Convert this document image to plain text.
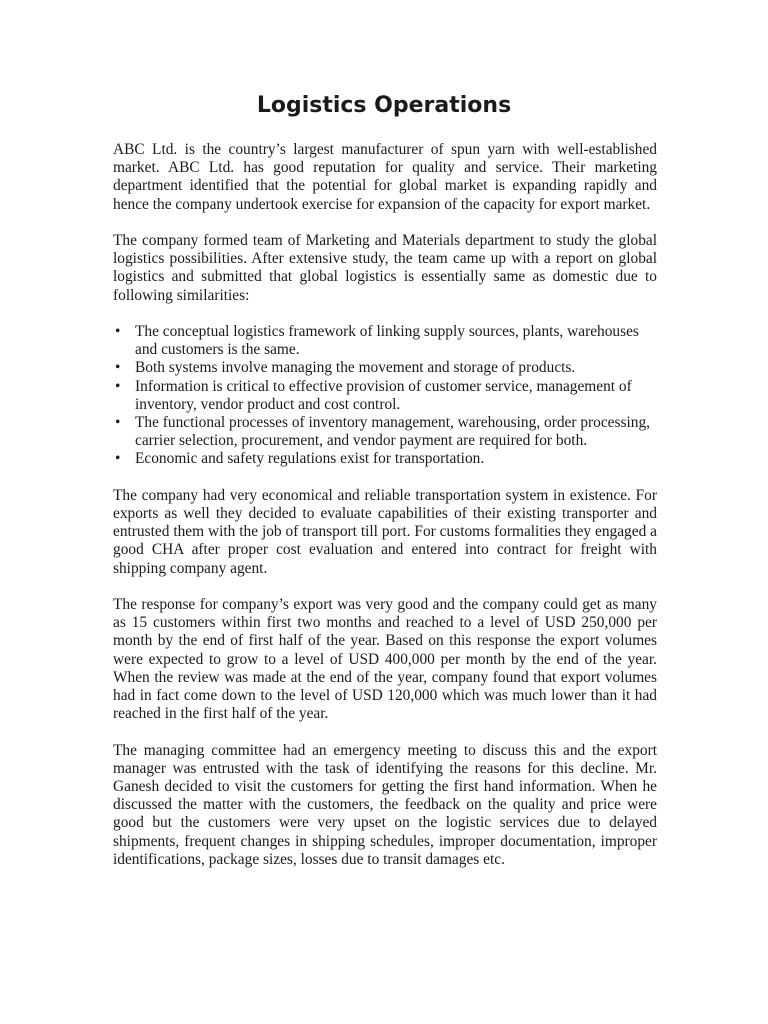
Logistics Operations

ABC Ltd. is the country’s largest manufacturer of spun yarn with well-established market. ABC Ltd. has good reputation for quality and service. Their marketing department identified that the potential for global market is expanding rapidly and hence the company undertook exercise for expansion of the capacity for export market.

The company formed team of Marketing and Materials department to study the global logistics possibilities. After extensive study, the team came up with a report on global logistics and submitted that global logistics is essentially same as domestic due to following similarities:

• The conceptual logistics framework of linking supply sources, plants, warehouses and customers is the same.
• Both systems involve managing the movement and storage of products.
• Information is critical to effective provision of customer service, management of inventory, vendor product and cost control.
• The functional processes of inventory management, warehousing, order processing, carrier selection, procurement, and vendor payment are required for both.
• Economic and safety regulations exist for transportation.

The company had very economical and reliable transportation system in existence. For exports as well they decided to evaluate capabilities of their existing transporter and entrusted them with the job of transport till port. For customs formalities they engaged a good CHA after proper cost evaluation and entered into contract for freight with shipping company agent.

The response for company’s export was very good and the company could get as many as 15 customers within first two months and reached to a level of USD 250,000 per month by the end of first half of the year. Based on this response the export volumes were expected to grow to a level of USD 400,000 per month by the end of the year. When the review was made at the end of the year, company found that export volumes had in fact come down to the level of USD 120,000 which was much lower than it had reached in the first half of the year.

The managing committee had an emergency meeting to discuss this and the export manager was entrusted with the task of identifying the reasons for this decline. Mr. Ganesh decided to visit the customers for getting the first hand information. When he discussed the matter with the customers, the feedback on the quality and price were good but the customers were very upset on the logistic services due to delayed shipments, frequent changes in shipping schedules, improper documentation, improper identifications, package sizes, losses due to transit damages etc.
